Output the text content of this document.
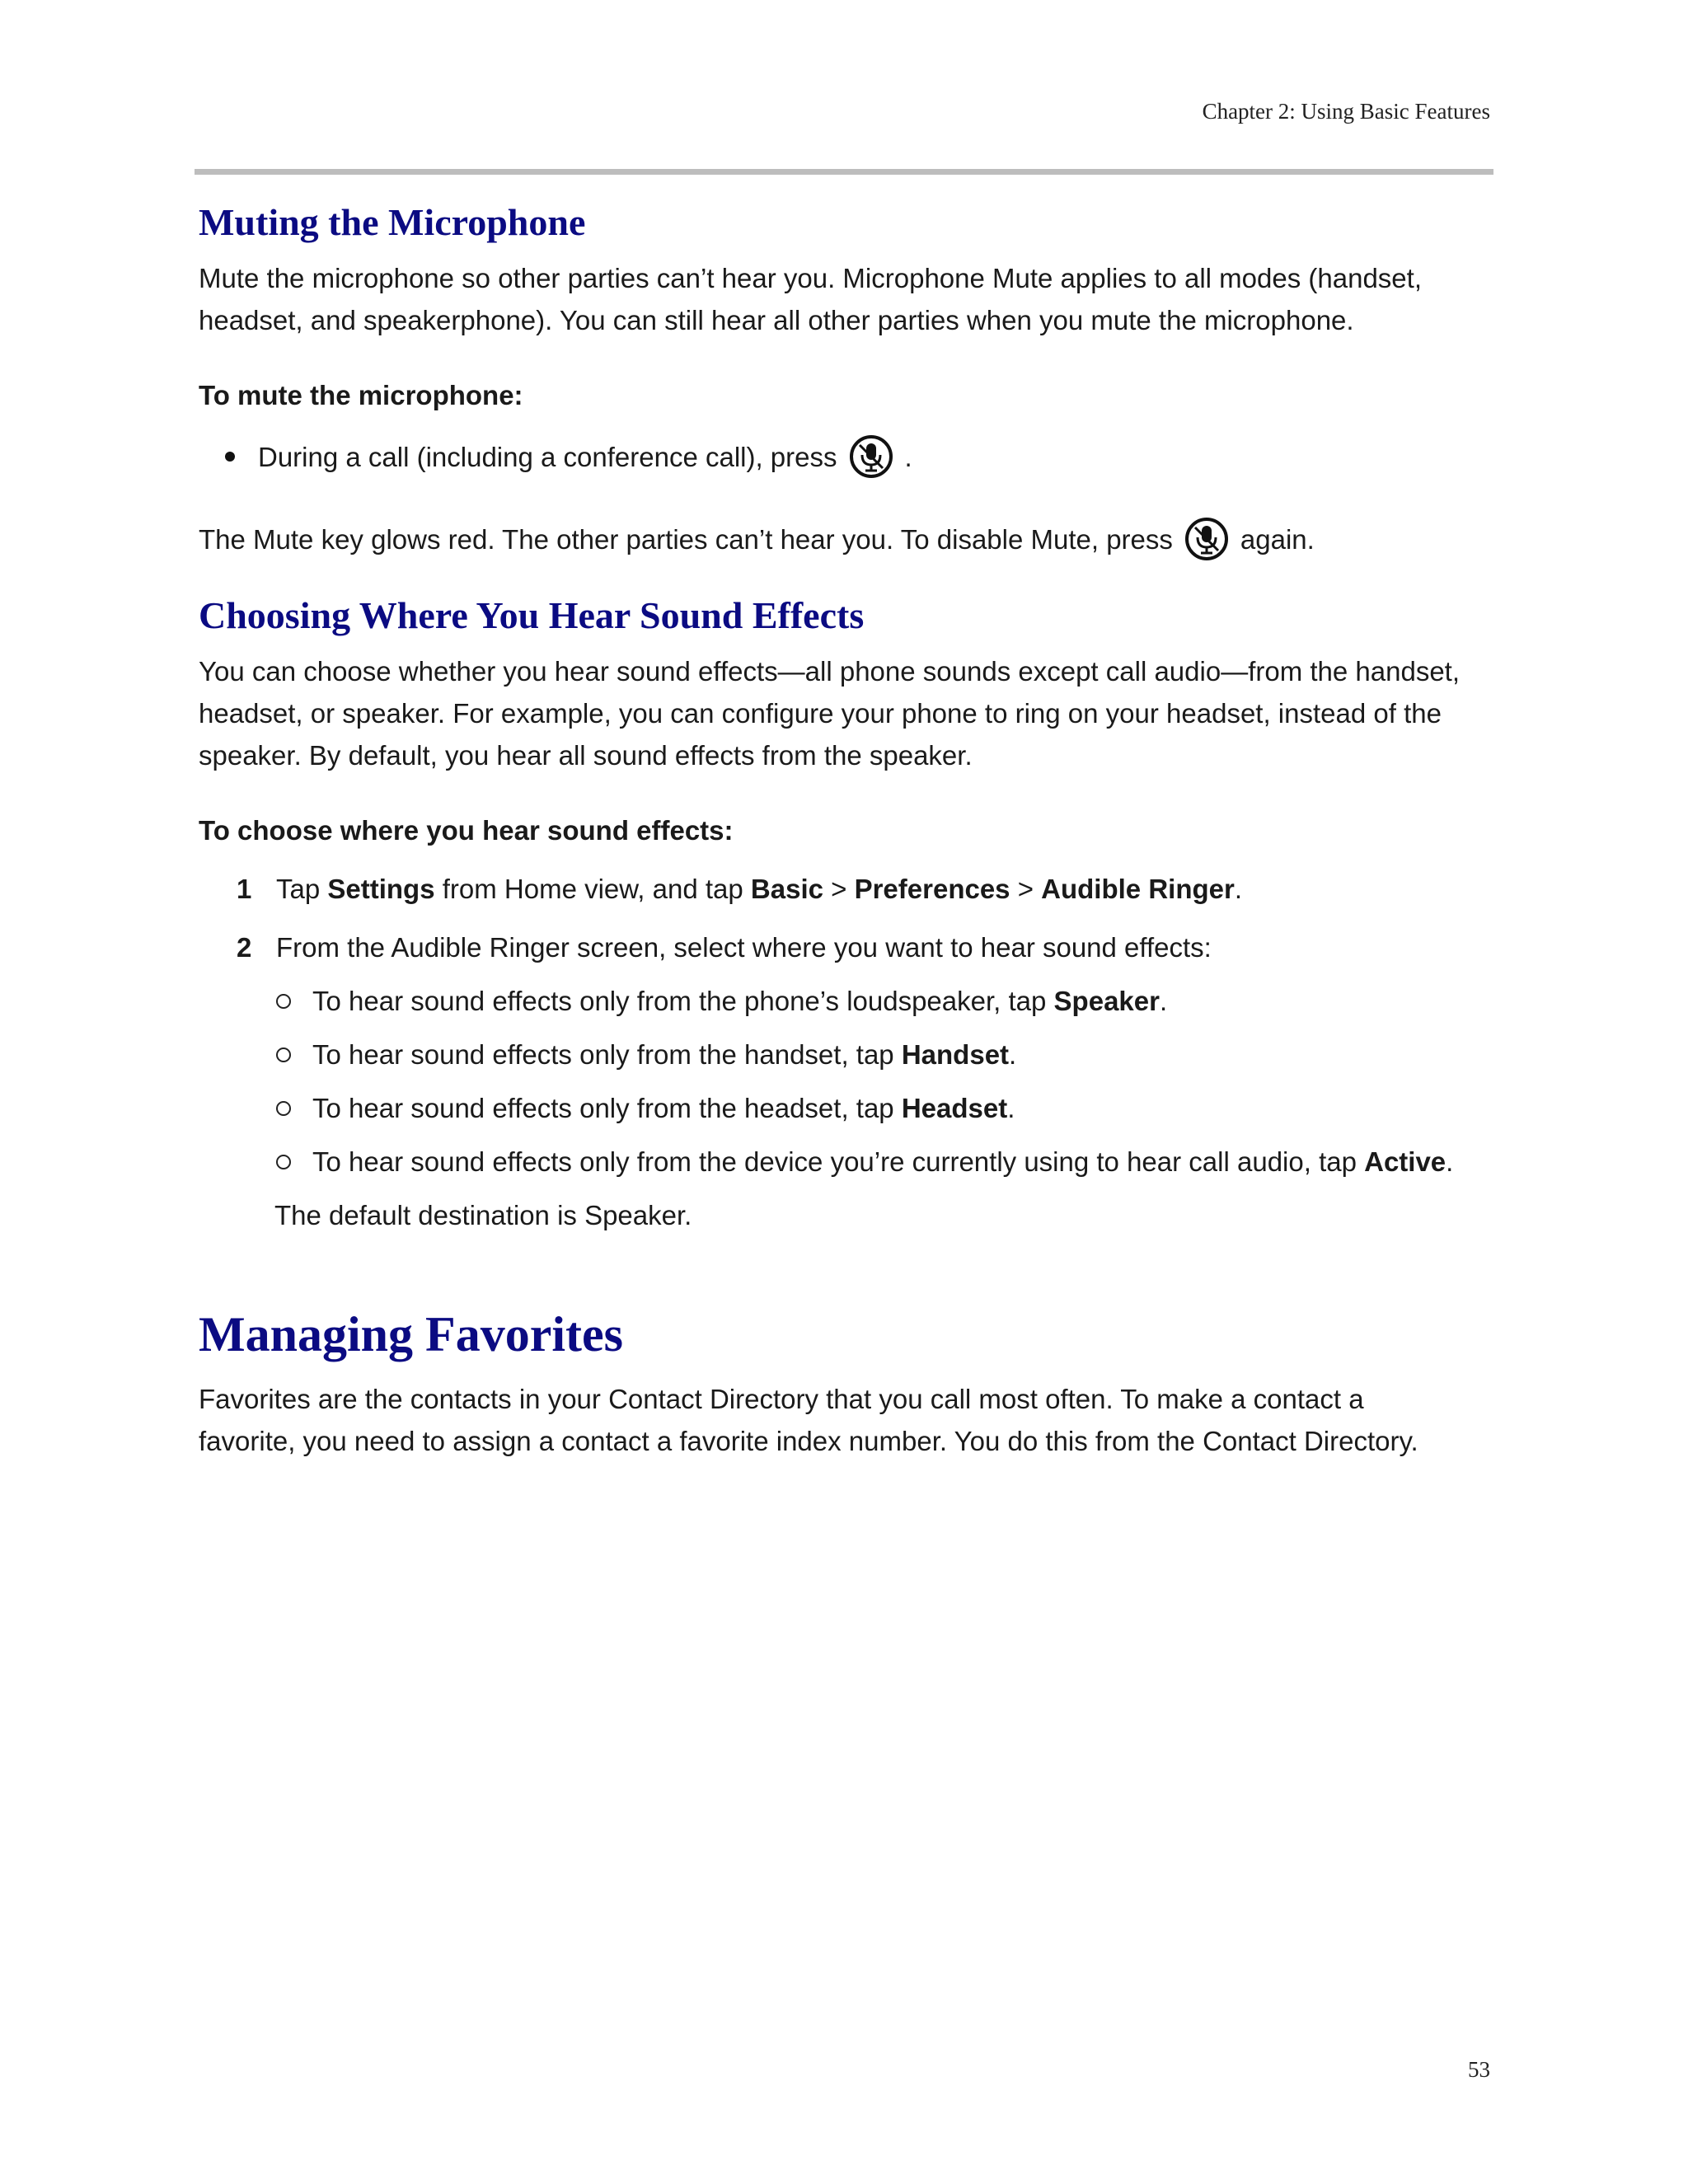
Chapter 2: Using Basic Features
Muting the Microphone

Mute the microphone so other parties can’t hear you. Microphone Mute applies to all modes (handset,

headset, and speakerphone). You can still hear all other parties when you mute the microphone.

To mute the microphone:
During a call (including a conference call), press .
The Mute key glows red. The other parties can’t hear you. To disable Mute, press again.
Choosing Where You Hear Sound Effects

You can choose whether you hear sound effects—all phone sounds except call audio—from the handset,

headset, or speaker. For example, you can configure your phone to ring on your headset, instead of the

speaker. By default, you hear all sound effects from the speaker.

To choose where you hear sound effects:
1 Tap Settings from Home view, and tap Basic > Preferences > Audible Ringer.
2 From the Audible Ringer screen, select where you want to hear sound effects:
To hear sound effects only from the phone’s loudspeaker, tap Speaker.
To hear sound effects only from the handset, tap Handset.
To hear sound effects only from the headset, tap Headset.
To hear sound effects only from the device you’re currently using to hear call audio, tap Active.
The default destination is Speaker.
Managing Favorites

Favorites are the contacts in your Contact Directory that you call most often. To make a contact a

favorite, you need to assign a contact a favorite index number. You do this from the Contact Directory.

53
